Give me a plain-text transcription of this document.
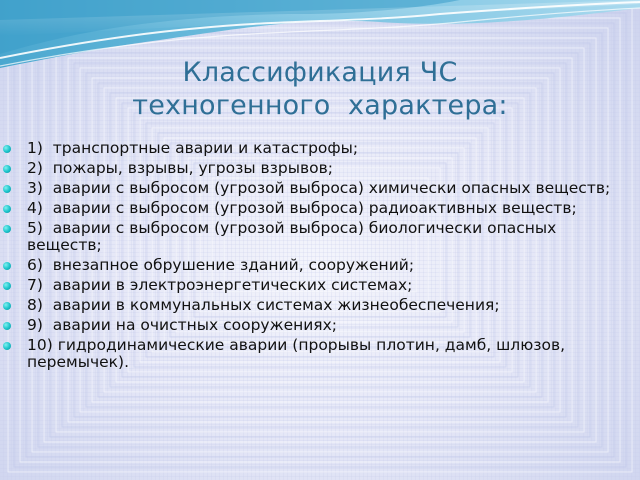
Классификация ЧС
техногенного  характера:
1)  транспортные аварии и катастрофы;
2)  пожары, взрывы, угрозы взрывов;
3)  аварии с выбросом (угрозой выброса) химически опасных веществ;
4)  аварии с выбросом (угрозой выброса) радиоактивных веществ;
5)  аварии с выбросом (угрозой выброса) биологически опасных веществ;
6)  внезапное обрушение зданий, сооружений;
7)  аварии в электроэнергетических системах;
8)  аварии в коммунальных системах жизнеобеспечения;
9)  аварии на очистных сооружениях;
10) гидродинамические аварии (прорывы плотин, дамб, шлюзов, перемычек).
